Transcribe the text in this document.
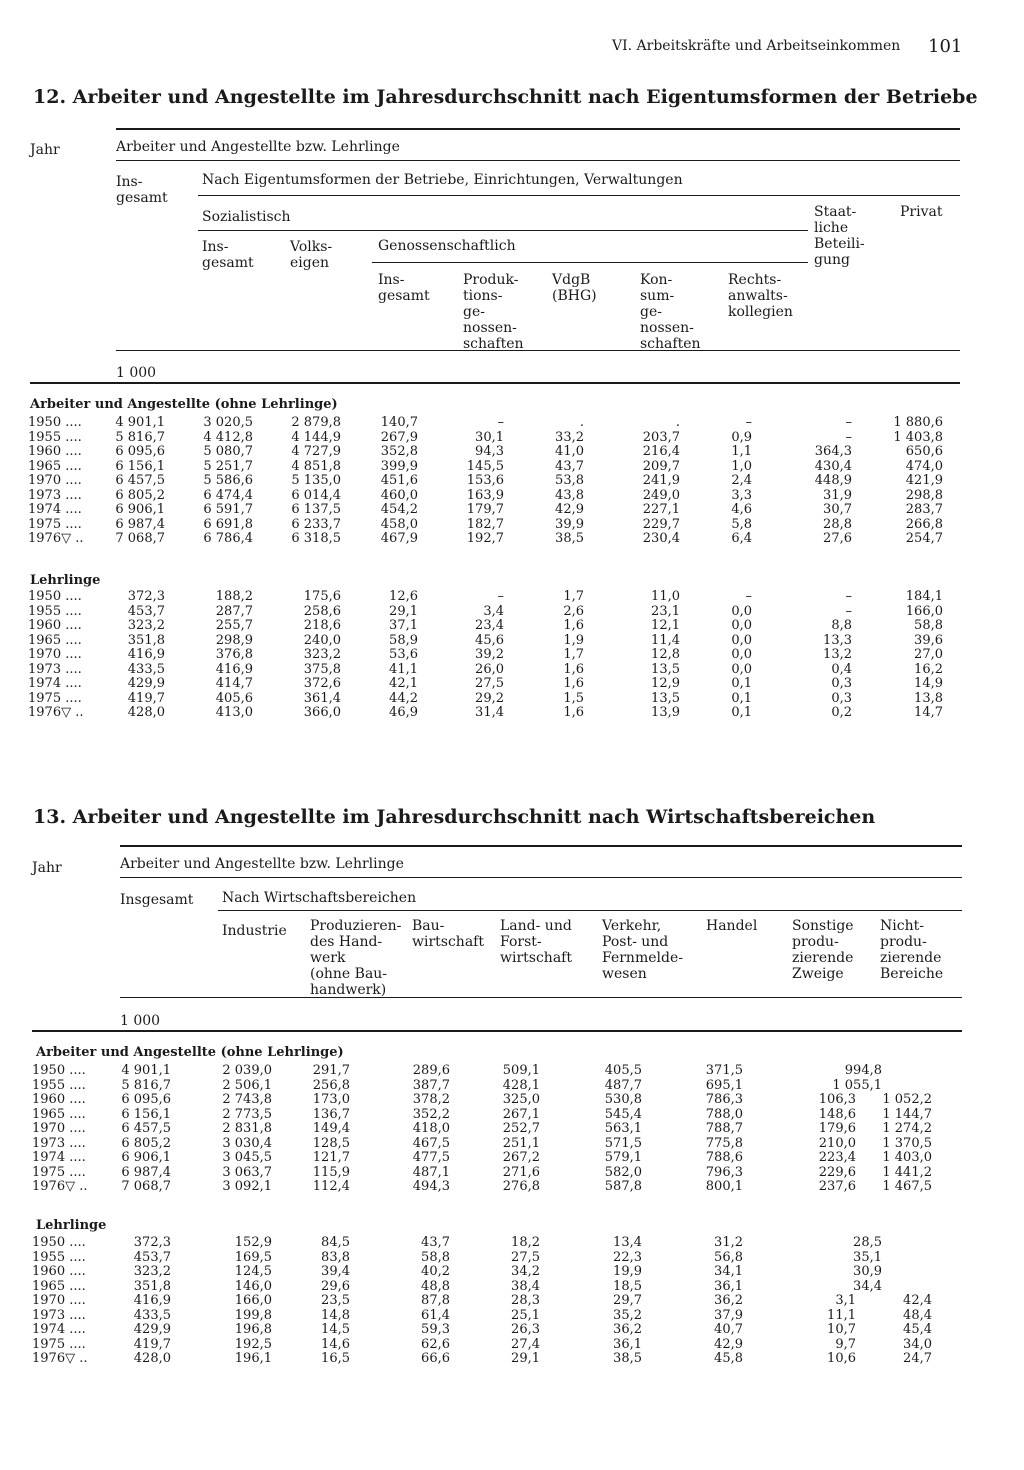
VI. Arbeitskräfte und Arbeitseinkommen 101
12. Arbeiter und Angestellte im Jahresdurchschnitt nach Eigentumsformen der Betriebe
Jahr	Arbeiter und Angestellte bzw. Lehrlinge
Ins-
gesamt
Nach Eigentumsformen der Betriebe, Einrichtungen, Verwaltungen
Sozialistisch	Staat-
liche
Beteili-
gung
Privat
Ins-
gesamt
Volks-
eigen
Genossenschaftlich
Ins-
gesamt
Produk-
tions-
ge-
nossen-
schaften
VdgB
(BHG)
Kon-
sum-
ge-
nossen-
schaften
Rechts-
anwalts-
kollegien
1 000
Arbeiter und Angestellte (ohne Lehrlinge)
1950 ....	4 901,1	3 020,5	2 879,8	140,7	–	.	.	–	–	1 880,6
1955 ....	5 816,7	4 412,8	4 144,9	267,9	30,1	33,2	203,7	0,9	–	1 403,8
1960 ....	6 095,6	5 080,7	4 727,9	352,8	94,3	41,0	216,4	1,1	364,3	650,6
1965 ....	6 156,1	5 251,7	4 851,8	399,9	145,5	43,7	209,7	1,0	430,4	474,0
1970 ....	6 457,5	5 586,6	5 135,0	451,6	153,6	53,8	241,9	2,4	448,9	421,9
1973 ....	6 805,2	6 474,4	6 014,4	460,0	163,9	43,8	249,0	3,3	31,9	298,8
1974 ....	6 906,1	6 591,7	6 137,5	454,2	179,7	42,9	227,1	4,6	30,7	283,7
1975 ....	6 987,4	6 691,8	6 233,7	458,0	182,7	39,9	229,7	5,8	28,8	266,8
1976▽ .. 7 068,7	6 786,4	6 318,5	467,9	192,7	38,5	230,4	6,4	27,6	254,7
Lehrlinge
1950 ....	372,3	188,2	175,6	12,6	–	1,7	11,0	–	–	184,1
1955 ....	453,7	287,7	258,6	29,1	3,4	2,6	23,1	0,0	–	166,0
1960 ....	323,2	255,7	218,6	37,1	23,4	1,6	12,1	0,0	8,8	58,8
1965 ....	351,8	298,9	240,0	58,9	45,6	1,9	11,4	0,0	13,3	39,6
1970 ....	416,9	376,8	323,2	53,6	39,2	1,7	12,8	0,0	13,2	27,0
1973 ....	433,5	416,9	375,8	41,1	26,0	1,6	13,5	0,0	0,4	16,2
1974 ....	429,9	414,7	372,6	42,1	27,5	1,6	12,9	0,1	0,3	14,9
1975 ....	419,7	405,6	361,4	44,2	29,2	1,5	13,5	0,1	0,3	13,8
1976▽ ..	428,0	413,0	366,0	46,9	31,4	1,6	13,9	0,1	0,2	14,7
13. Arbeiter und Angestellte im Jahresdurchschnitt nach Wirtschaftsbereichen
Jahr	Arbeiter und Angestellte bzw. Lehrlinge
Insgesamt Nach Wirtschaftsbereichen
Industrie Produzieren-
des Hand-
werk
(ohne Bau-
handwerk)
Bau-
wirtschaft
Land- und
Forst-
wirtschaft
Verkehr,
Post- und
Fernmelde-
wesen
Handel Sonstige
produ-
zierende
Zweige
Nicht-
produ-
zierende
Bereiche
1 000
Arbeiter und Angestellte (ohne Lehrlinge)
1950 ....	4 901,1	2 039,0	291,7	289,6	509,1	405,5	371,5	994,8
1955 ....	5 816,7	2 506,1	256,8	387,7	428,1	487,7	695,1	1 055,1
1960 ....	6 095,6	2 743,8	173,0	378,2	325,0	530,8	786,3	106,3 1 052,2
1965 ....	6 156,1	2 773,5	136,7	352,2	267,1	545,4	788,0	148,6 1 144,7
1970 ....	6 457,5	2 831,8	149,4	418,0	252,7	563,1	788,7	179,6 1 274,2
1973 ....	6 805,2	3 030,4	128,5	467,5	251,1	571,5	775,8	210,0 1 370,5
1974 ....	6 906,1	3 045,5	121,7	477,5	267,2	579,1	788,6	223,4 1 403,0
1975 ....	6 987,4	3 063,7	115,9	487,1	271,6	582,0	796,3	229,6 1 441,2
1976▽ ..	7 068,7	3 092,1	112,4	494,3	276,8	587,8	800,1	237,6 1 467,5
Lehrlinge
1950 ....	372,3	152,9	84,5	43,7	18,2	13,4	31,2	28,5
1955 ....	453,7	169,5	83,8	58,8	27,5	22,3	56,8	35,1
1960 ....	323,2	124,5	39,4	40,2	34,2	19,9	34,1	30,9
1965 ....	351,8	146,0	29,6	48,8	38,4	18,5	36,1	34,4
1970 ....	416,9	166,0	23,5	87,8	28,3	29,7	36,2	3,1	42,4
1973 ....	433,5	199,8	14,8	61,4	25,1	35,2	37,9	11,1	48,4
1974 ....	429,9	196,8	14,5	59,3	26,3	36,2	40,7	10,7	45,4
1975 ....	419,7	192,5	14,6	62,6	27,4	36,1	42,9	9,7	34,0
1976▽ ..	428,0	196,1	16,5	66,6	29,1	38,5	45,8	10,6	24,7
